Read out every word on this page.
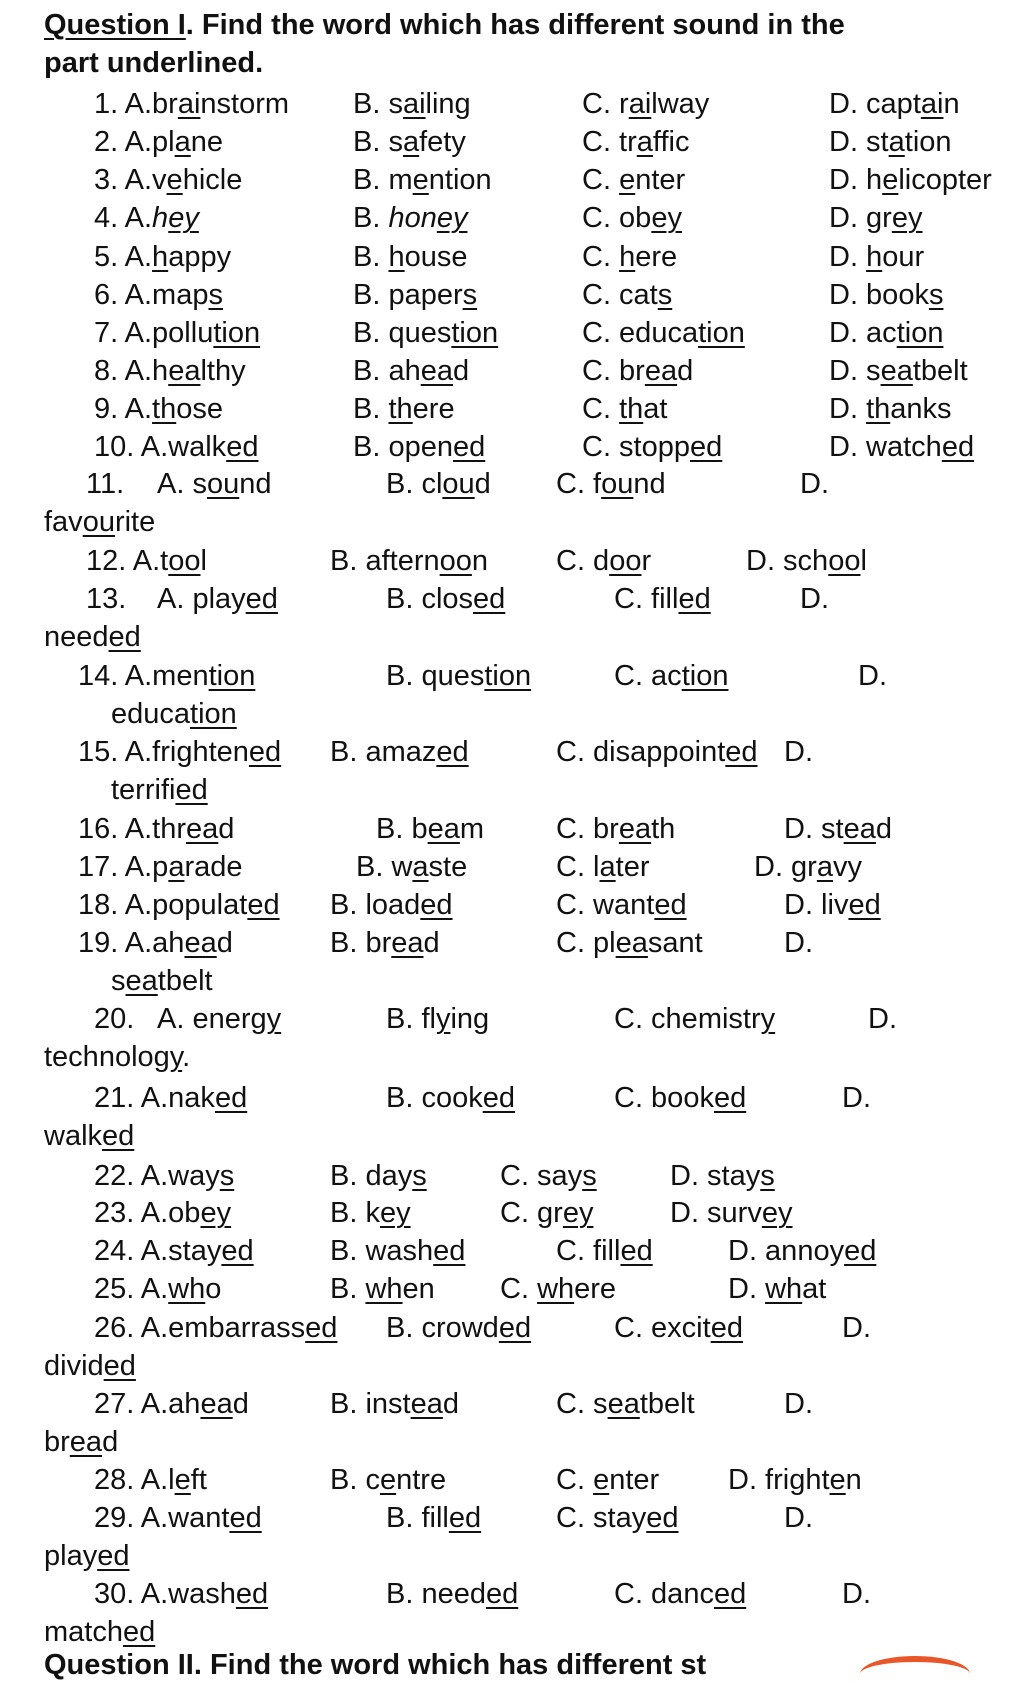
Question I. Find the word which has different sound in the
part underlined.
1. A. brainstorm B. sailing	C. railway	D. captain
2. A. plane	B. safety	C. traffic	D. station
3. A. vehicle	B. mention	C. enter	D. helicopter
4. A. hey	B. honey	C. obey	D. grey
5. A. happy	B. house	C. here	D. hour
6. A. maps	B. papers	C. cats	D. books
7. A. pollution	B. question	C. education	D. action
8. A. healthy	B. ahead	C. bread	D. seatbelt
9. A. those	B. there	C. that	D. thanks
10. A. walked	B. opened	C. stopped	D. watched
11. A. sound	B. cloud C. found	D.
favourite
12. A. tool	B. afternoon C. door	D. school
13. A. played	B. closed	C. filled	D.
needed
14. A. mention	B. question	C. action	D.
education
15. A. frightened B. amazed	C. disappointed D.
terrified
16. A. thread	B. beam C. breath	D. stead
17. A. parade	B. waste	C. later	D. gravy
18. A. populated B. loaded	C. wanted	D. lived
19. A. ahead	B. bread	C. pleasant	D.
seatbelt
20. A. energy	B. flying	C. chemistry	D.
technology.
21. A. naked	B. cooked	C. booked	D.
walked
22. A. ways	B. days	C. says	D. stays
23. A. obey	B. key	C. grey	D. survey
24. A. stayed	B. washed	C. filled	D. annoyed
25. A. who	B. when C. where	D. what
26. A. embarrassed B. crowded	C. excited	D.
divided
27. A. ahead	B. instead	C. seatbelt	D.
bread
28. A. left	B. centre	C. enter D. frighten
29. A. wanted	B. filled	C. stayed	D.
played
30. A. washed	B. needed	C. danced	D.
matched
Question II. Find the word which has different st
